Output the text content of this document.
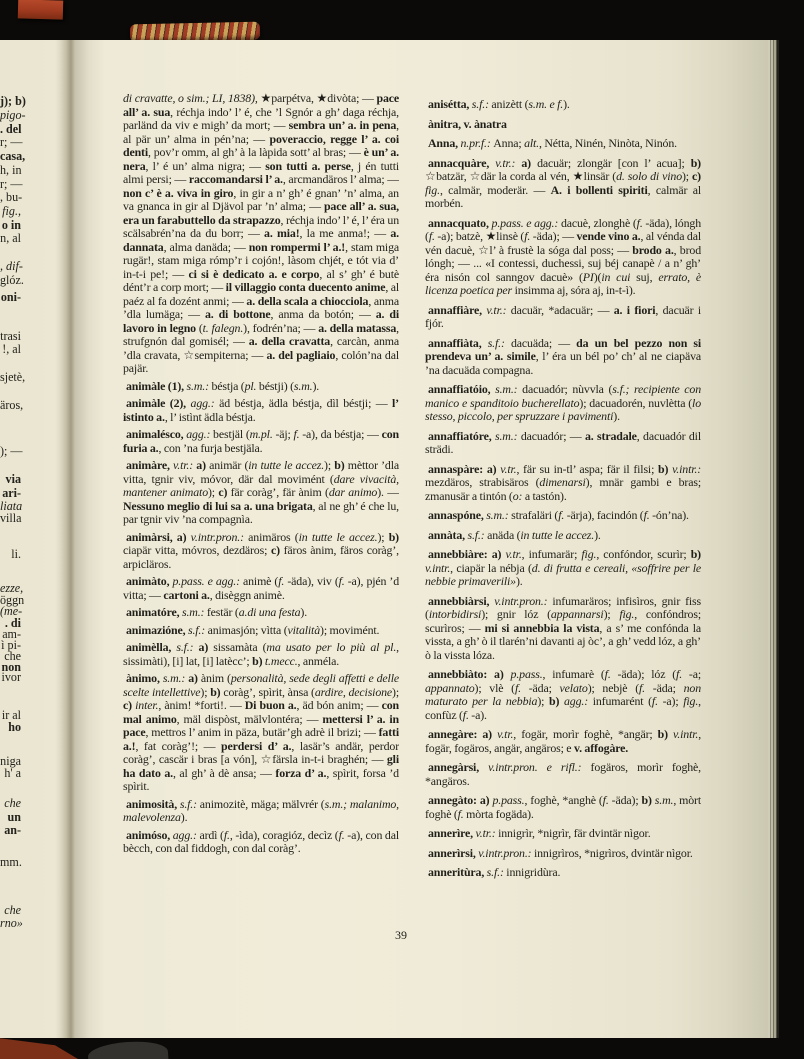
j); b)
pigo-
. del
r; —
casa,
h, in
r; —
, bu-
fig.,
o in
n, al
, dif-
glóz.
oni-
trasi
!, al
sjetè,
äros,
); —
via
ari-
liata
villa
li.
ezze,
öggn
(me-
. di
am-
ì pi-
che
non
ivor
ir al
ho
niga
h' a
che
un
an-
mm.
che
rno»

di cravatte, o sim.; LI, 1838), ★parpétva, ★divòta; — pace all’ a. sua, réchja indo’ l’ é, che ’l Sgnór a gh’ daga réchja, parländ da viv e migh’ da mort; — sembra un’ a. in pena, al pär un’ alma in pén’na; — poveraccio, regge l’ a. coi denti, pov’r omm, al gh’ à la làpida sott’ al bras; — è un’ a. nera, l’ é un’ alma nigra; — son tutti a. perse, j én tutti almi persi; — raccomandarsi l’ a., arcmandäros l’ alma; — non c’ è a. viva in giro, in gir a n’ gh’ é gnan’ ’n’ alma, an va gnanca in gir al Djävol par ’n’ alma; — pace all’ a. sua, era un farabuttello da strapazzo, réchja indo’ l’ é, l’ éra un scälsabrén’na da du borr; — a. mia!, la me anma!; — a. dannata, alma danäda; — non rompermi l’ a.!, stam miga rugär!, stam miga rómp’r i cojón!, làsom chjét, e tót via d’ in-t-i pe!; — ci si è dedicato a. e corpo, al s’ gh’ é butè dént’r a corp mort; — il villaggio conta duecento anime, al paéz al fa dozént anmi; — a. della scala a chiocciola, anma ’dla lumäga; — a. di bottone, anma da botón; — a. di lavoro in legno (t. falegn.), fodrén’na; — a. della matassa, strufgnón dal gomisél; — a. della cravatta, carcàn, anma ’dla cravata, ☆sempiterna; — a. del pagliaio, colón’na dal pajär.

animàle (1), s.m.: béstja (pl. béstji) (s.m.).

animàle (2), agg.: äd béstja, ädla béstja, dìl béstji; — l’ istinto a., l’ istìnt ädla béstja.

animalésco, agg.: bestjäl (m.pl. -äj; f. -a), da béstja; — con furia a., con ’na furja bestjäla.

animàre, v.tr.: a) animär (in tutte le accez.); b) mèttor ’dla vitta, tgnir viv, móvor, där dal movimént (dare vivacità, mantener animato); c) fär coràg’, fär ànim (dar animo). — Nessuno meglio di lui sa a. una brigata, al ne gh’ é che lu, par tgnir viv ’na compagnìa.

animàrsi, a) v.intr.pron.: animäros (in tutte le accez.); b) ciapär vitta, móvros, dezdäros; c) färos ànim, färos coràg’, arpicläros.

animàto, p.pass. e agg.: animè (f. -äda), viv (f. -a), pjén ’d vitta; — cartoni a., disèggn animè.

animatóre, s.m.: festär (a.di una festa).

animazióne, s.f.: animasjón; vìtta (vitalità); movimént.

animèlla, s.f.: a) sissamàta (ma usato per lo più al pl., sissimàti), [i] lat, [i] latècc’; b) t.mecc., anméla.

ànimo, s.m.: a) ànim (personalità, sede degli affetti e delle scelte intellettive); b) coràg’, spìrit, ànsa (ardire, decisione); c) inter., ànim! *forti!. — Di buon a., äd bón anim; — con mal animo, mäl dispòst, mälvlontéra; — mettersi l’ a. in pace, mettros l’ anim in päza, butär’gh adrè il brizi; — fatti a.!, fat coràg’!; — perdersi d’ a., lasär’s andär, perdor coràg’, cascär i bras [a vón], ☆färsla in-t-i braghén; — gli ha dato a., al gh’ à dè ansa; — forza d’ a., spìrit, forsa ’d spìrit.

animosità, s.f.: animozitè, mäga; mälvrér (s.m.; malanimo, malevolenza).

animóso, agg.: ardì (f., -ìda), coragióz, decìz (f. -a), con dal bècch, con dal fiddogh, con dal coràg’.

anisétta, s.f.: anizètt (s.m. e f.).

ànitra, v. ànatra

Anna, n.pr.f.: Anna; alt., Nétta, Ninén, Ninòta, Ninón.

annacquàre, v.tr.: a) dacuär; zlongär [con l’ acua]; b) ☆batzär, ☆där la corda al vén, ★linsär (d. solo di vino); c) fig., calmär, moderär. — A. i bollenti spiriti, calmär al morbén.

annacquato, p.pass. e agg.: dacuè, zlonghè (f. -äda), lóngh (f. -a); batzè, ★linsè (f. -äda); — vende vino a., al vénda dal vén dacuè, ☆l’ à frustè la sóga dal poss; — brodo a., brod lóngh; — ... «I contessi, duchessi, suj béj canapè / a n’ gh’ éra nisón col sanngov dacuè» (PI)(in cui suj, errato, è licenza poetica per insimma aj, sóra aj, in-t-ì).

annaffiàre, v.tr.: dacuär, *adacuär; — a. i fiori, dacuär i fjór.

annaffiàta, s.f.: dacuäda; — da un bel pezzo non si prendeva un’ a. simile, l’ éra un bél po’ ch’ al ne ciapäva ’na dacuäda compagna.

annaffiatóio, s.m.: dacuadór; nùvvla (s.f.; recipiente con manico e spanditoio bucherellato); dacuadorén, nuvlètta (lo stesso, piccolo, per spruzzare i pavimenti).

annaffiatóre, s.m.: dacuadór; — a. stradale, dacuadór dil strädi.

annaspàre: a) v.tr., fär su in-tl’ aspa; fär il filsi; b) v.intr.: mezdäros, strabisäros (dimenarsi), mnär gambi e bras; zmanusär a tintón (o: a tastón).

annaspóne, s.m.: strafaläri (f. -ärja), facindón (f. -ón’na).

annàta, s.f.: anäda (in tutte le accez.).

annebbiàre: a) v.tr., infumarär; fig., confóndor, scurìr; b) v.intr., ciapär la nébja (d. di frutta e cereali, «soffrire per le nebbie primaverili»).

annebbiàrsi, v.intr.pron.: infumaräros; infisìros, gnir fiss (intorbidirsi); gnir lóz (appannarsi); fig., confóndros; scurìros; — mi si annebbia la vista, a s’ me confónda la vissta, a gh’ ò il tlarén’ni davanti aj òc’, a gh’ vedd lóz, a gh’ ò la vissta lóza.

annebbiàto: a) p.pass., infumarè (f. -äda); lóz (f. -a; appannato); vlè (f. -äda; velato); nebjè (f. -äda; non maturato per la nebbia); b) agg.: infumarént (f. -a); fig., confùz (f. -a).

annegàre: a) v.tr., fogär, morìr foghè, *angär; b) v.intr., fogär, fogäros, angär, angäros; e v. affogàre.

annegàrsi, v.intr.pron. e rifl.: fogäros, morìr foghè, *angäros.

annegàto: a) p.pass., foghè, *anghè (f. -äda); b) s.m., mòrt foghè (f. mòrta fogäda).

annerìre, v.tr.: innigrìr, *nigrìr, fär dvintär nìgor.

annerìrsi, v.intr.pron.: innigrìros, *nigrìros, dvintär nìgor.

anneritùra, s.f.: innigridùra.

39
